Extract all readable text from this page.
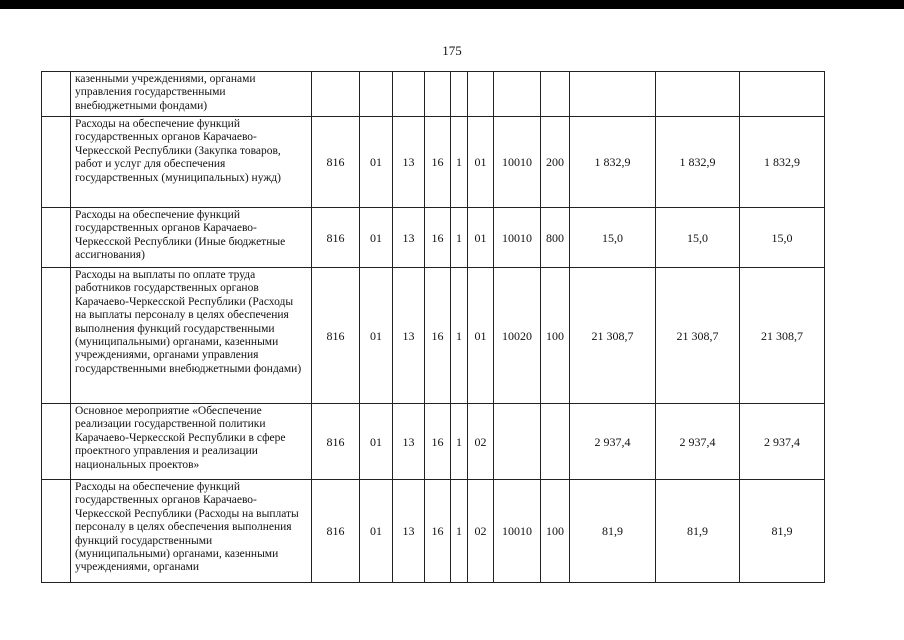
175
	казенными учреждениями, органами управления государственными внебюджетными фондами)											
	Расходы на обеспечение функций государственных органов Карачаево-Черкесской Республики (Закупка товаров, работ и услуг для обеспечения государственных (муниципальных) нужд)	816	01	13	16	1	01	10010	200	1 832,9	1 832,9	1 832,9
	Расходы на обеспечение функций государственных органов Карачаево-Черкесской Республики (Иные бюджетные ассигнования)	816	01	13	16	1	01	10010	800	15,0	15,0	15,0
	Расходы на выплаты по оплате труда работников государственных органов Карачаево-Черкесской Республики (Расходы на выплаты персоналу в целях обеспечения выполнения функций государственными (муниципальными) органами, казенными учреждениями, органами управления государственными внебюджетными фондами)	816	01	13	16	1	01	10020	100	21 308,7	21 308,7	21 308,7
	Основное мероприятие «Обеспечение реализации государственной политики Карачаево-Черкесской Республики в сфере проектного управления и реализации национальных проектов»	816	01	13	16	1	02			2 937,4	2 937,4	2 937,4
	Расходы на обеспечение функций государственных органов Карачаево-Черкесской Республики (Расходы на выплаты персоналу в целях обеспечения выполнения функций государственными (муниципальными) органами, казенными учреждениями, органами	816	01	13	16	1	02	10010	100	81,9	81,9	81,9
